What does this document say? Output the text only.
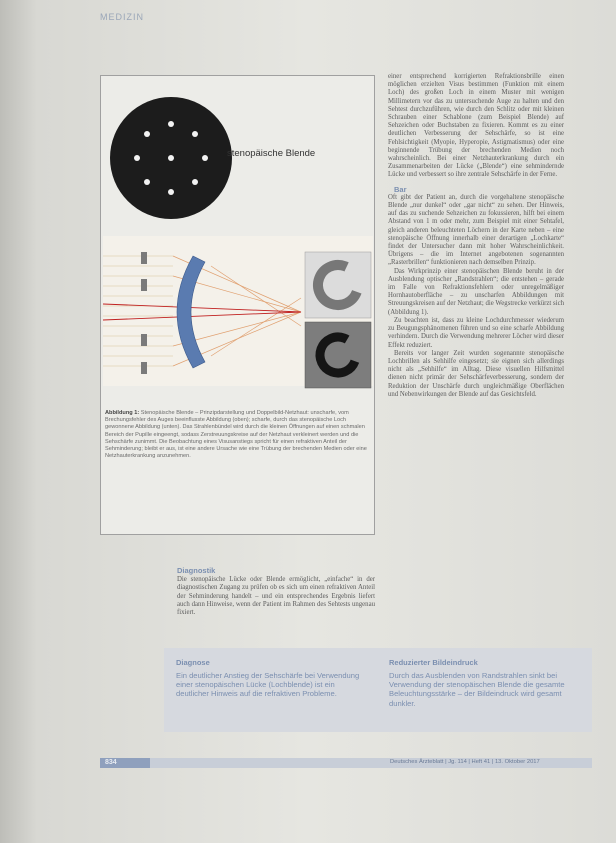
MEDIZIN
stenopäische Blende
Abbildung 1: Stenopäische Blende – Prinzipdarstellung und Doppelbild-Netzhaut: unscharfe, vom Brechungsfehler des Auges beeinflusste Abbildung (oben); scharfe, durch das stenopäische Loch gewonnene Abbildung (unten). Das Strahlenbündel wird durch die kleinen Öffnungen auf einen schmalen Bereich der Pupille eingeengt, sodass Zerstreuungskreise auf der Netzhaut verkleinert werden und die Sehschärfe zunimmt. Die Beobachtung eines Visusanstiegs spricht für einen refraktiven Anteil der Sehminderung; bleibt er aus, ist eine andere Ursache wie eine Trübung der brechenden Medien oder eine Netzhauterkrankung anzunehmen.

einer entsprechend korrigierten Refraktionsbrille einen möglichen erzielten Visus bestimmen (Funktion mit einem Loch) des großen Loch in einem Muster mit wenigen Millimetern vor das zu untersuchende Auge zu halten und den Sehtest durchzuführen, wie durch den Schlitz oder mit kleinen Schrauben einer Schablone (zum Beispiel Blende) auf Sehzeichen oder Buchstaben zu fixieren. Kommt es zu einer deutlichen Verbesserung der Sehschärfe, so ist eine Fehlsichtigkeit (Myopie, Hyperopie, Astigmatismus) oder eine beginnende Trübung der brechenden Medien noch wahrscheinlich. Bei einer Netzhauterkrankung durch ein Zusammenarbeiten der Lücke („Blende“) eine sehmindernde Lücke und verbessert so ihre zentrale Sehschärfe in der Ferne.

Bar

Oft gibt der Patient an, durch die vorgehaltene stenopäische Blende „nur dunkel“ oder „gar nicht“ zu sehen. Der Hinweis, auf das zu suchende Sehzeichen zu fokussieren, hilft bei einem Abstand von 1 m oder mehr, zum Beispiel mit einer Sehtafel, gleich anderen beleuchteten Löchern in der Karte neben – eine stenopäische Öffnung innerhalb einer derartigen „Lochkarte“ findet der Untersucher dann mit hoher Wahrscheinlichkeit. Übrigens – die im Internet angebotenen sogenannten „Rasterbrillen“ funktionieren nach demselben Prinzip.

Das Wirkprinzip einer stenopäischen Blende beruht in der Ausblendung optischer „Randstrahlen“; die entstehen – gerade im Falle von Refraktionsfehlern oder unregelmäßiger Hornhautoberfläche – zu unscharfen Abbildungen mit Streuungskreisen auf der Netzhaut; die Wegstrecke verkürzt sich (Abbildung 1).

Zu beachten ist, dass zu kleine Lochdurchmesser wiederum zu Beugungsphänomenen führen und so eine scharfe Abbildung verhindern. Durch die Verwendung mehrerer Löcher wird dieser Effekt reduziert.

Bereits vor langer Zeit wurden sogenannte stenopäische Lochbrillen als Sehhilfe eingesetzt; sie eignen sich allerdings nicht als „Sehhilfe“ im Alltag. Diese visuellen Hilfsmittel dienen nicht primär der Sehschärfeverbesserung, sondern der Reduktion der Unschärfe durch ungleichmäßige Oberflächen und Nebenwirkungen der Blende auf das Gesichtsfeld.

Diagnostik

Die stenopäische Lücke oder Blende ermöglicht, „einfache“ in der diagnostischen Zugang zu prüfen ob es sich um einen refraktiven Anteil der Sehminderung handelt – und ein entsprechendes Ergebnis liefert auch dann Hinweise, wenn der Patient im Rahmen des Sehtests ungenau fixiert.

Diagnose
Ein deutlicher Anstieg der Sehschärfe bei Verwendung einer stenopäischen Lücke (Lochblende) ist ein deutlicher Hinweis auf die refraktiven Probleme.
Reduzierter Bildeindruck
Durch das Ausblenden von Randstrahlen sinkt bei Verwendung der stenopäischen Blende die gesamte Beleuchtungsstärke – der Bildeindruck wird gesamt dunkler.
834	Deutsches Ärzteblatt | Jg. 114 | Heft 41 | 13. Oktober 2017
